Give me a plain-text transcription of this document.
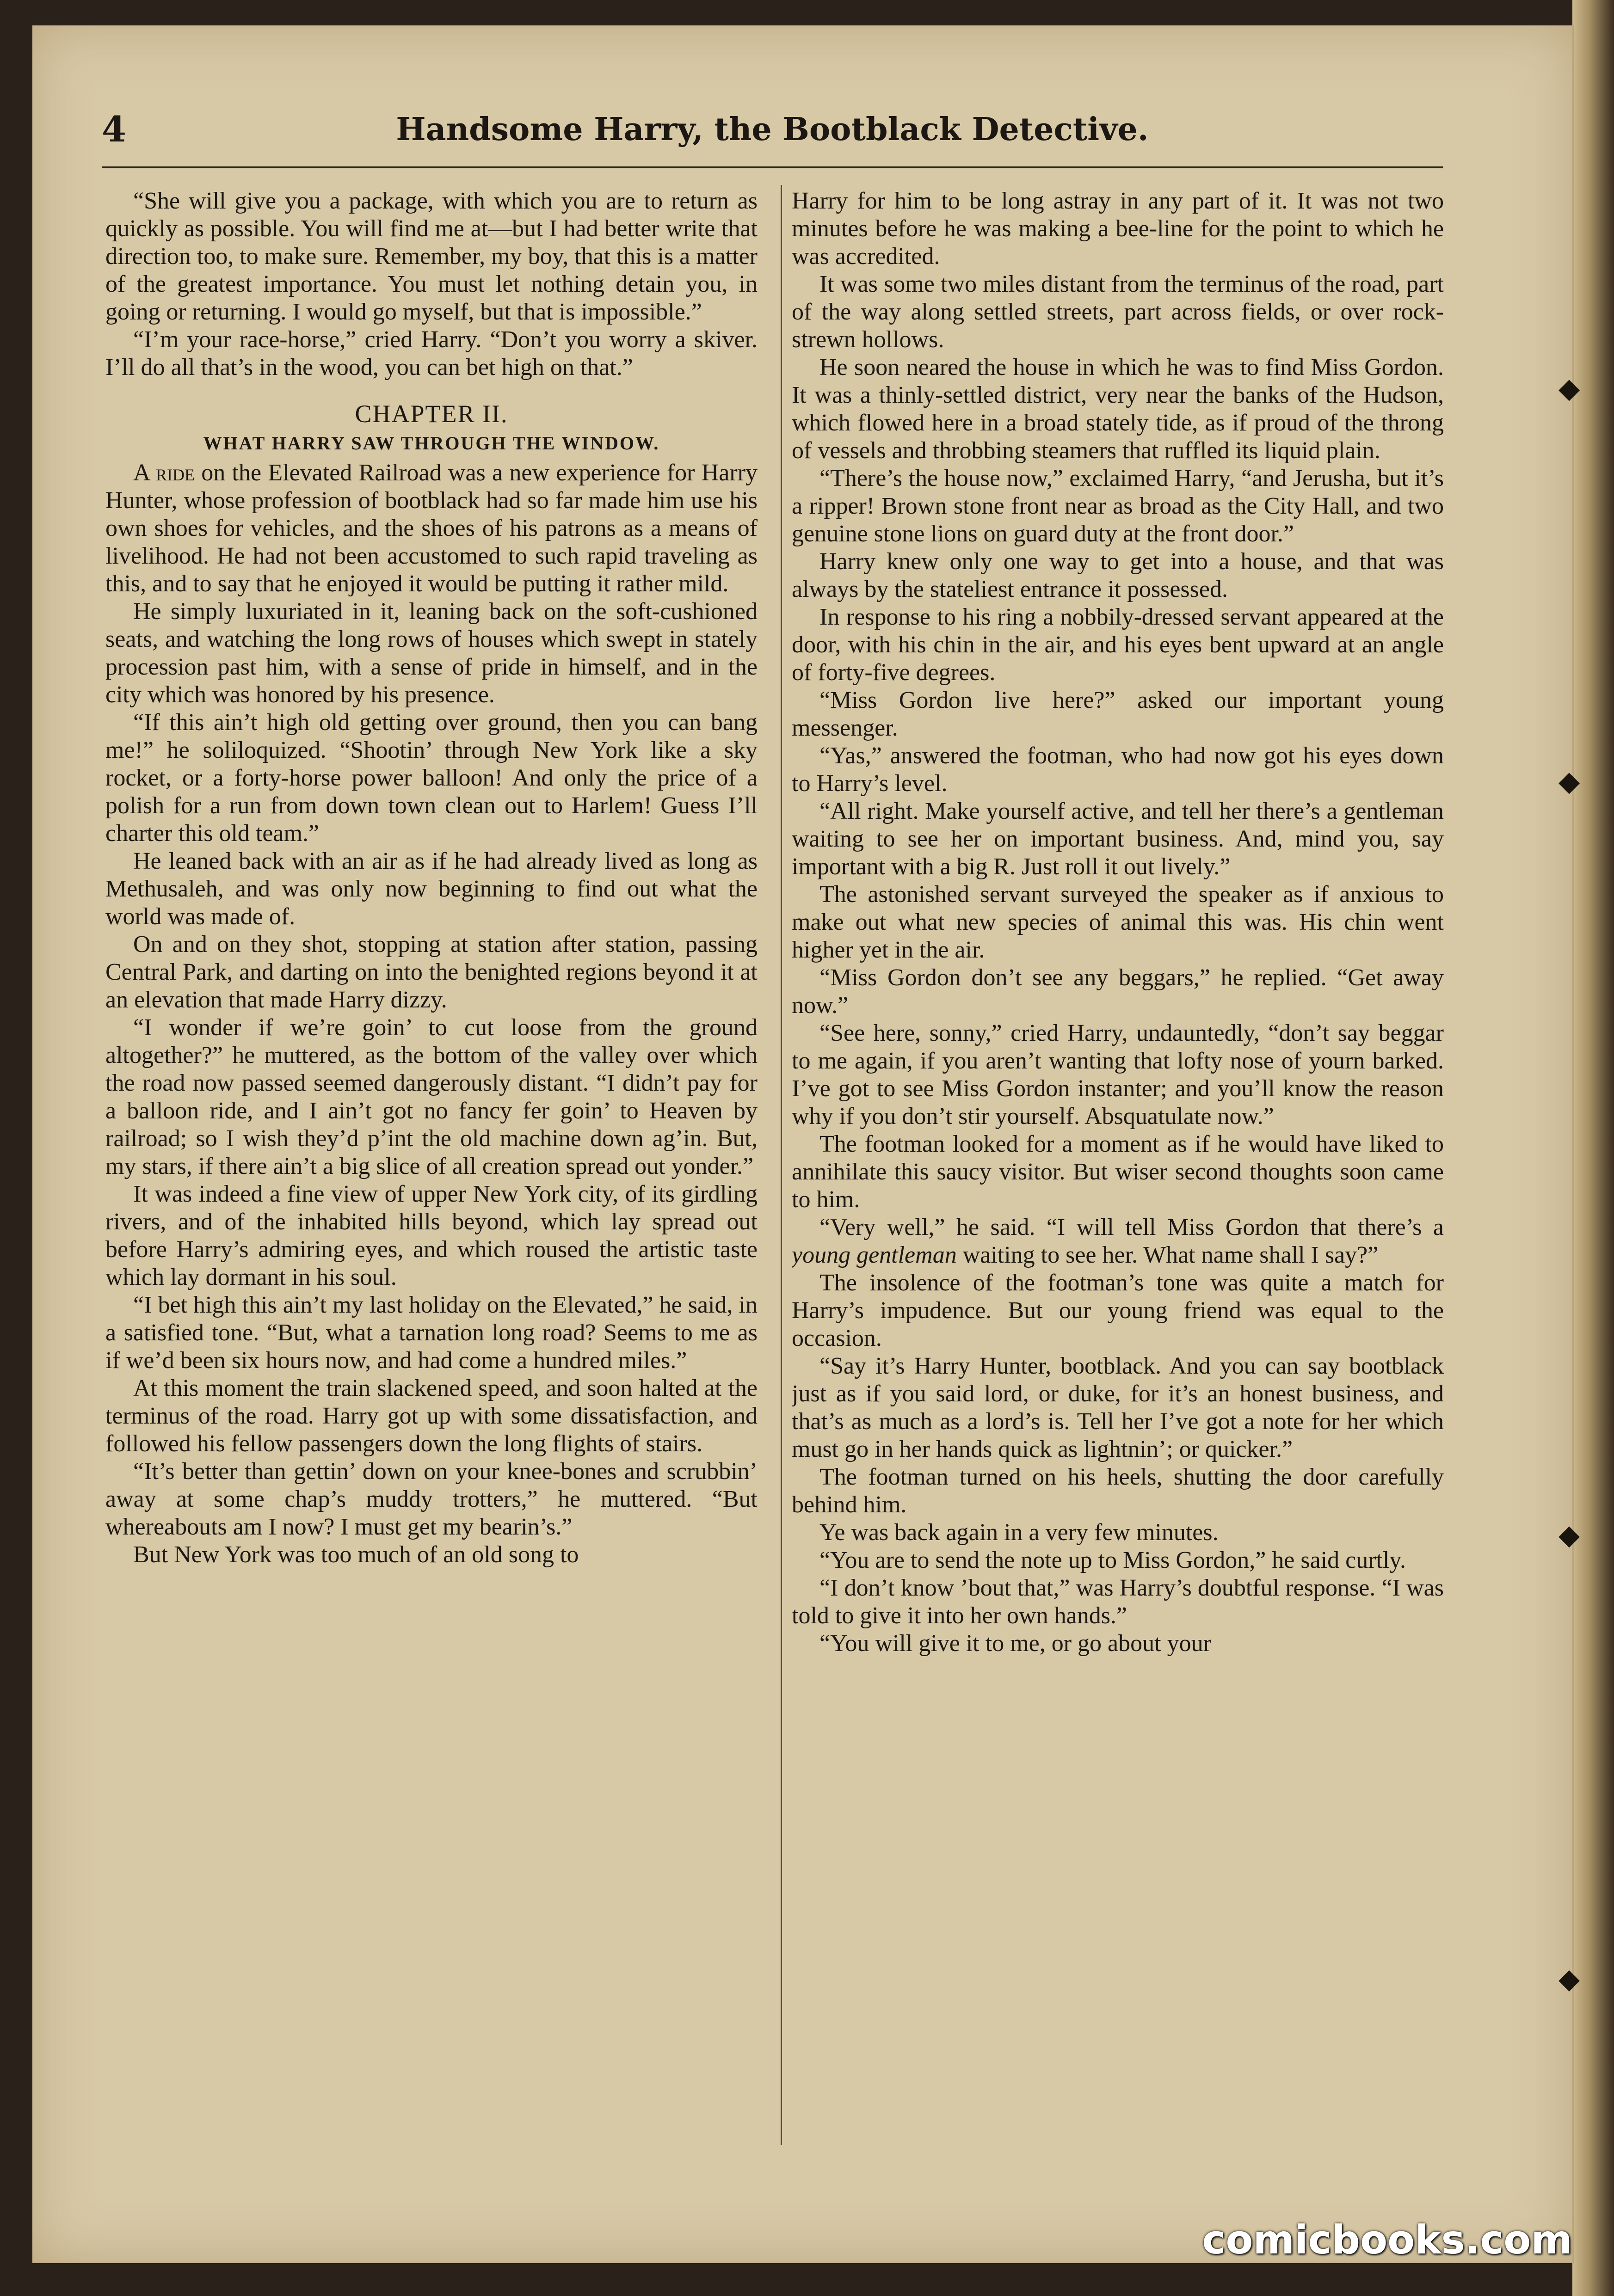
4	Handsome Harry, the Bootblack Detective.

“She will give you a package, with which you are to return as quickly as possible. You will find me at—but I had better write that direction too, to make sure. Remember, my boy, that this is a matter of the greatest importance. You must let nothing detain you, in going or returning. I would go myself, but that is impossible.”

“I’m your race-horse,” cried Harry. “Don’t you worry a skiver. I’ll do all that’s in the wood, you can bet high on that.”

CHAPTER II.
WHAT HARRY SAW THROUGH THE WINDOW.

A ride on the Elevated Railroad was a new experience for Harry Hunter, whose profession of bootblack had so far made him use his own shoes for vehicles, and the shoes of his patrons as a means of livelihood. He had not been accustomed to such rapid traveling as this, and to say that he enjoyed it would be putting it rather mild.

He simply luxuriated in it, leaning back on the soft-cushioned seats, and watching the long rows of houses which swept in stately procession past him, with a sense of pride in himself, and in the city which was honored by his presence.

“If this ain’t high old getting over ground, then you can bang me!” he soliloquized. “Shootin’ through New York like a sky rocket, or a forty-horse power balloon! And only the price of a polish for a run from down town clean out to Harlem! Guess I’ll charter this old team.”

He leaned back with an air as if he had already lived as long as Methusaleh, and was only now beginning to find out what the world was made of.

On and on they shot, stopping at station after station, passing Central Park, and darting on into the benighted regions beyond it at an elevation that made Harry dizzy.

“I wonder if we’re goin’ to cut loose from the ground altogether?” he muttered, as the bottom of the valley over which the road now passed seemed dangerously distant. “I didn’t pay for a balloon ride, and I ain’t got no fancy fer goin’ to Heaven by railroad; so I wish they’d p’int the old machine down ag’in. But, my stars, if there ain’t a big slice of all creation spread out yonder.”

It was indeed a fine view of upper New York city, of its girdling rivers, and of the inhabited hills beyond, which lay spread out before Harry’s admiring eyes, and which roused the artistic taste which lay dormant in his soul.

“I bet high this ain’t my last holiday on the Elevated,” he said, in a satisfied tone. “But, what a tarnation long road? Seems to me as if we’d been six hours now, and had come a hundred miles.”

At this moment the train slackened speed, and soon halted at the terminus of the road. Harry got up with some dissatisfaction, and followed his fellow passengers down the long flights of stairs.

“It’s better than gettin’ down on your knee-bones and scrubbin’ away at some chap’s muddy trotters,” he muttered. “But whereabouts am I now? I must get my bearin’s.”

But New York was too much of an old song to

Harry for him to be long astray in any part of it. It was not two minutes before he was making a bee-line for the point to which he was accredited.

It was some two miles distant from the terminus of the road, part of the way along settled streets, part across fields, or over rock-strewn hollows.

He soon neared the house in which he was to find Miss Gordon. It was a thinly-settled district, very near the banks of the Hudson, which flowed here in a broad stately tide, as if proud of the throng of vessels and throbbing steamers that ruffled its liquid plain.

“There’s the house now,” exclaimed Harry, “and Jerusha, but it’s a ripper! Brown stone front near as broad as the City Hall, and two genuine stone lions on guard duty at the front door.”

Harry knew only one way to get into a house, and that was always by the stateliest entrance it possessed.

In response to his ring a nobbily-dressed servant appeared at the door, with his chin in the air, and his eyes bent upward at an angle of forty-five degrees.

“Miss Gordon live here?” asked our important young messenger.

“Yas,” answered the footman, who had now got his eyes down to Harry’s level.

“All right. Make yourself active, and tell her there’s a gentleman waiting to see her on important business. And, mind you, say important with a big R. Just roll it out lively.”

The astonished servant surveyed the speaker as if anxious to make out what new species of animal this was. His chin went higher yet in the air.

“Miss Gordon don’t see any beggars,” he replied. “Get away now.”

“See here, sonny,” cried Harry, undauntedly, “don’t say beggar to me again, if you aren’t wanting that lofty nose of yourn barked. I’ve got to see Miss Gordon instanter; and you’ll know the reason why if you don’t stir yourself. Absquatulate now.”

The footman looked for a moment as if he would have liked to annihilate this saucy visitor. But wiser second thoughts soon came to him.

“Very well,” he said. “I will tell Miss Gordon that there’s a young gentleman waiting to see her. What name shall I say?”

The insolence of the footman’s tone was quite a match for Harry’s impudence. But our young friend was equal to the occasion.

“Say it’s Harry Hunter, bootblack. And you can say bootblack just as if you said lord, or duke, for it’s an honest business, and that’s as much as a lord’s is. Tell her I’ve got a note for her which must go in her hands quick as lightnin’; or quicker.”

The footman turned on his heels, shutting the door carefully behind him.

Ye was back again in a very few minutes.

“You are to send the note up to Miss Gordon,” he said curtly.

“I don’t know ’bout that,” was Harry’s doubtful response. “I was told to give it into her own hands.”

“You will give it to me, or go about your

◆
◆
◆
◆
comicbooks.com
